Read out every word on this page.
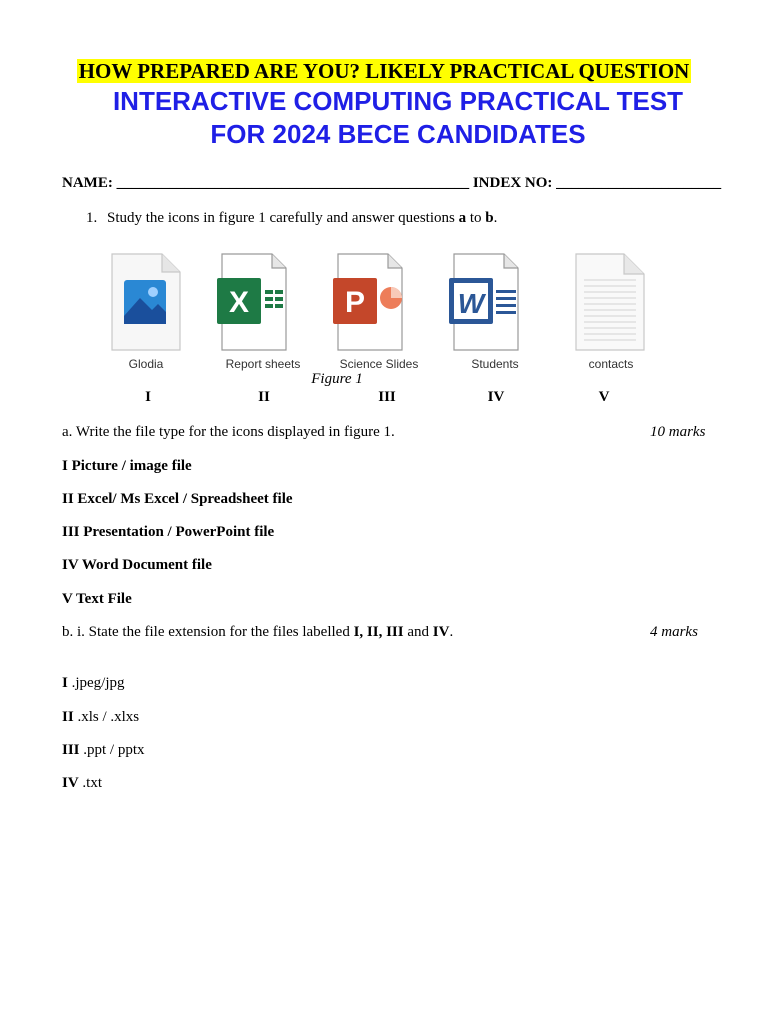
HOW PREPARED ARE YOU? LIKELY PRACTICAL QUESTION
INTERACTIVE COMPUTING PRACTICAL TEST
FOR 2024 BECE CANDIDATES
NAME: _______________________________________________ INDEX NO: ______________________
1. Study the icons in figure 1 carefully and answer questions a to b.
X	P	W
Glodia	Report sheets	Science Slides	Students	contacts
Figure 1
I	II	III	IV	V
a. Write the file type for the icons displayed in figure 1.	10 marks
I Picture / image file
II Excel/ Ms Excel / Spreadsheet file
III Presentation / PowerPoint file
IV Word Document file
V Text File
b. i. State the file extension for the files labelled I, II, III and IV.	4 marks
I .jpeg/jpg
II .xls / .xlxs
III .ppt / pptx
IV .txt
